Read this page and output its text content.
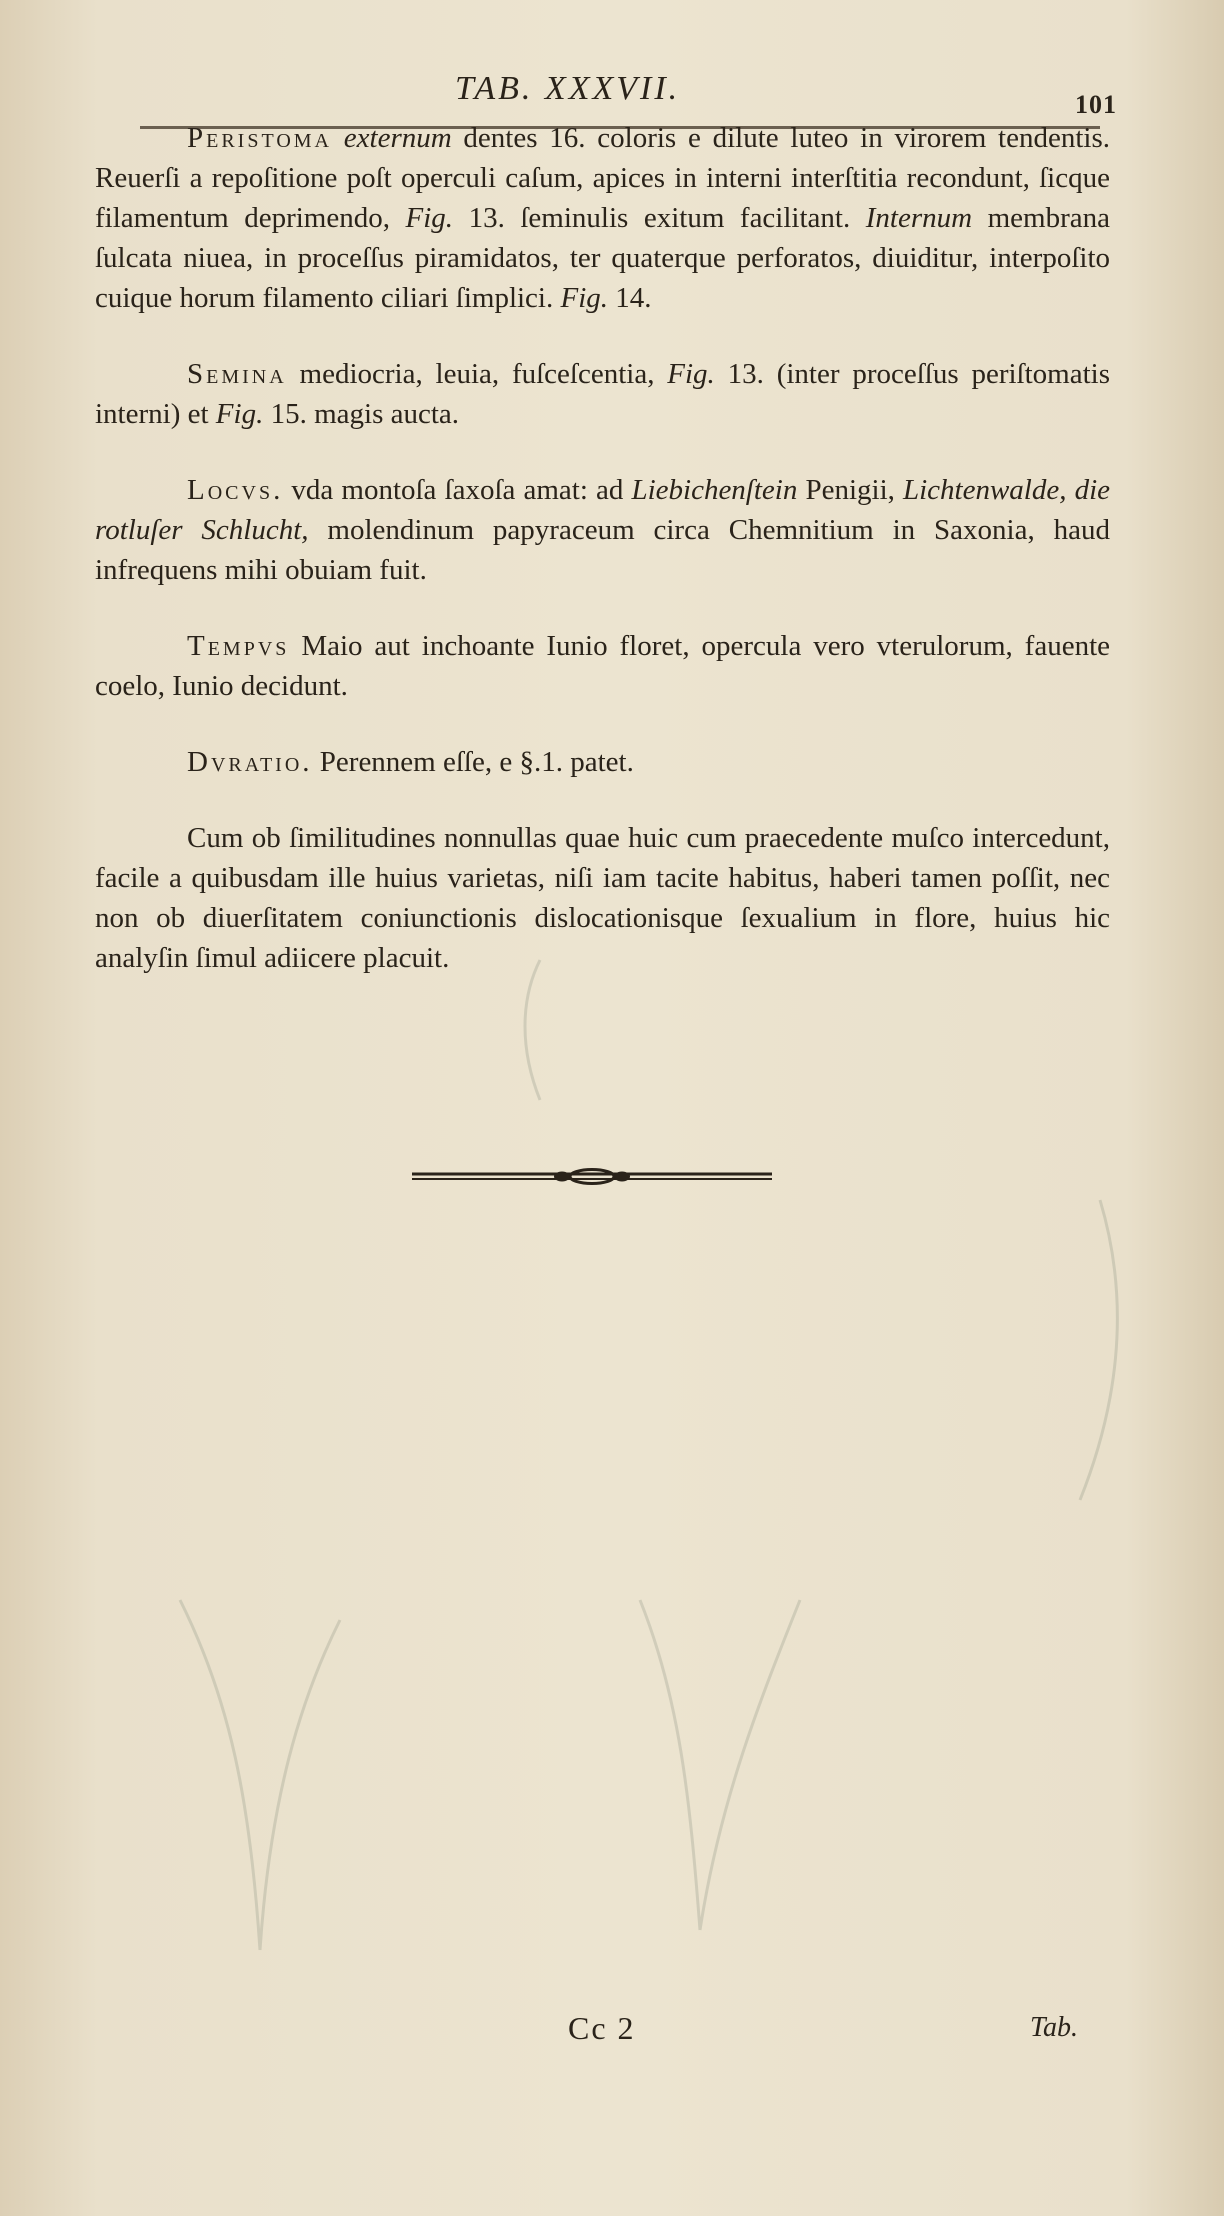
TAB. XXXVII.	101

Peristoma externum dentes 16. coloris e dilute luteo in virorem tendentis. Reuerſi a repoſitione poſt operculi caſum, apices in interni interſtitia recondunt, ſicque filamentum deprimendo, Fig. 13. ſeminulis exitum facilitant. Internum membrana ſulcata niuea, in proceſſus piramidatos, ter quaterque perforatos, diuiditur, interpoſito cuique horum filamento ciliari ſimplici. Fig. 14.

Semina mediocria, leuia, fuſceſcentia, Fig. 13. (inter proceſſus periſtomatis interni) et Fig. 15. magis aucta.

Locvs. vda montoſa ſaxoſa amat: ad Liebichenſtein Penigii, Lichtenwalde, die rotluſer Schlucht, molendinum papyraceum circa Chemnitium in Saxonia, haud infrequens mihi obuiam fuit.

Tempvs Maio aut inchoante Iunio floret, opercula vero vterulorum, fauente coelo, Iunio decidunt.

Dvratio. Perennem eſſe, e §.1. patet.

Cum ob ſimilitudines nonnullas quae huic cum praecedente muſco intercedunt, facile a quibusdam ille huius varietas, niſi iam tacite habitus, haberi tamen poſſit, nec non ob diuerſitatem coniunctionis dislocationisque ſexualium in flore, huius hic analyſin ſimul adiicere placuit.

Cc 2	Tab.
